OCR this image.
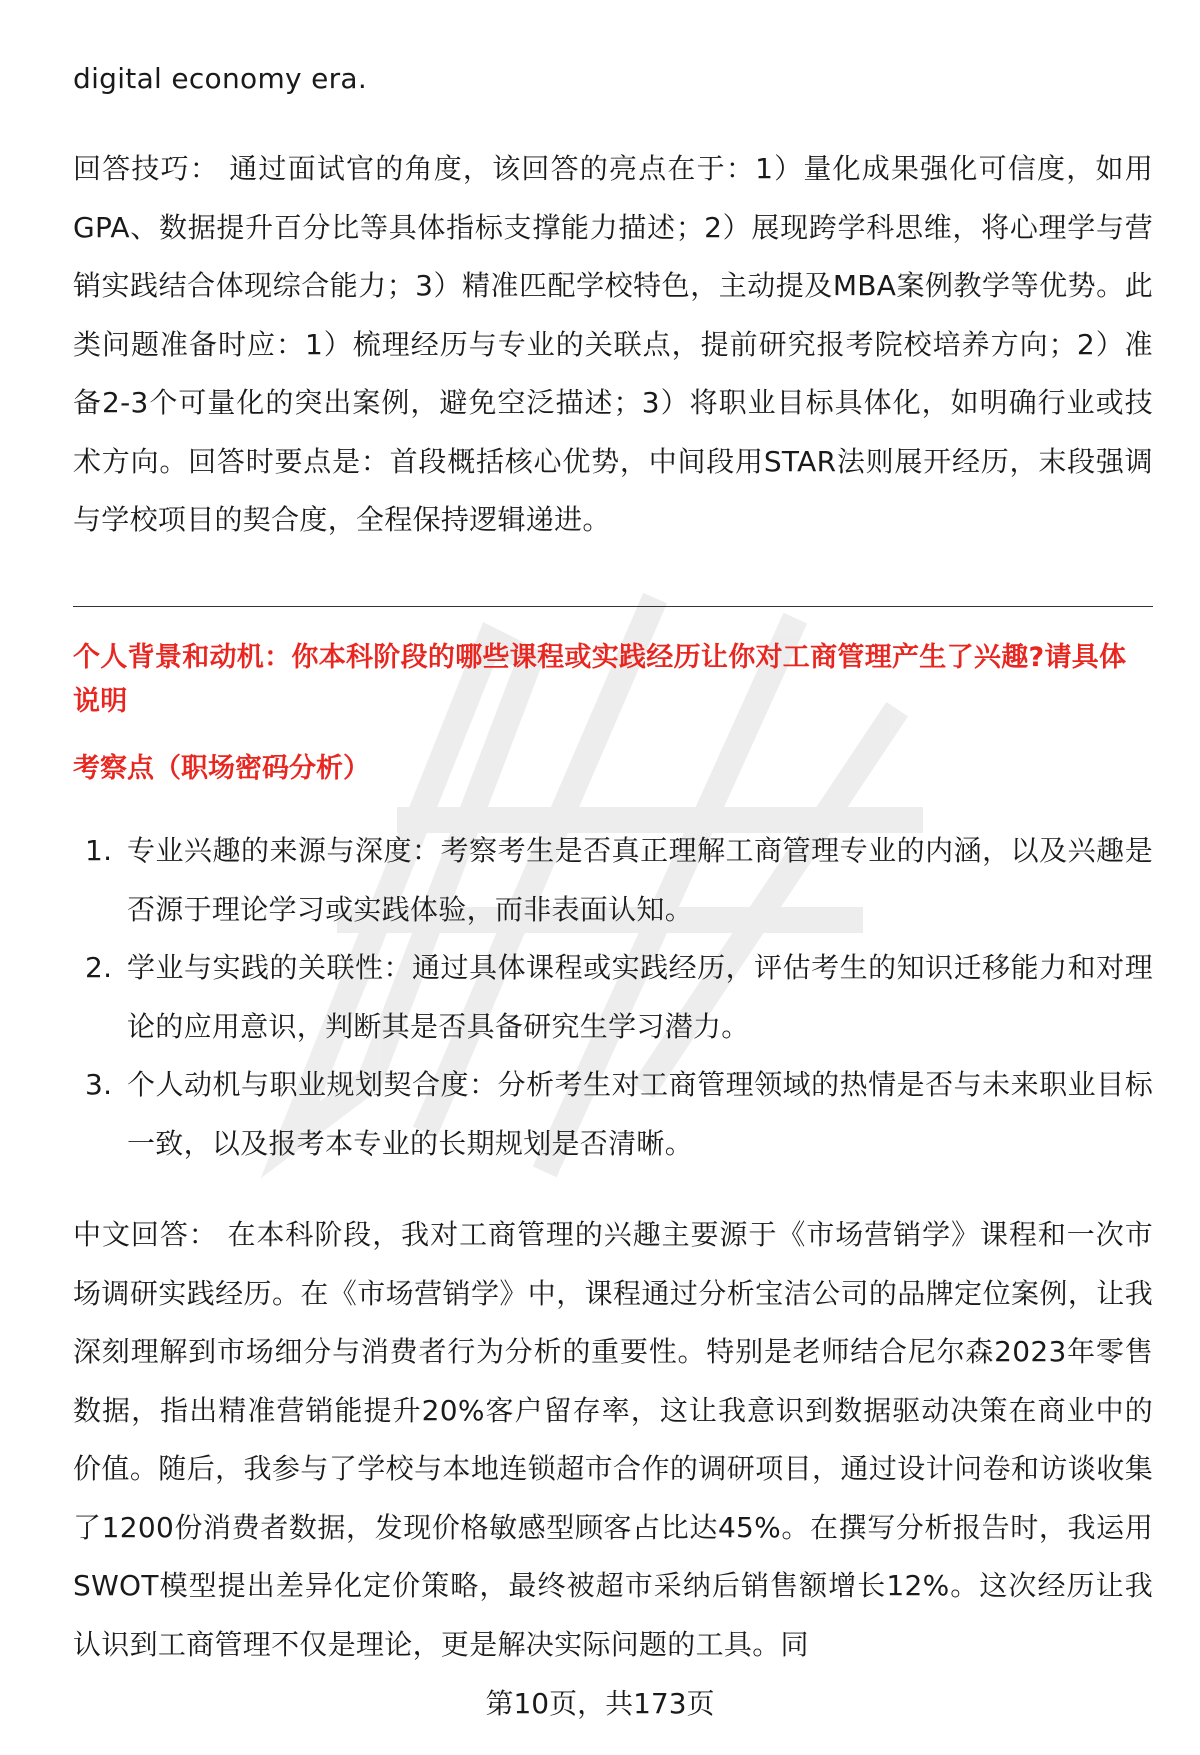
digital economy era.

回答技巧： 通过面试官的角度，该回答的亮点在于：1）量化成果强化可信度，如用GPA、数据提升百分比等具体指标支撑能力描述；2）展现跨学科思维，将心理学与营销实践结合体现综合能力；3）精准匹配学校特色，主动提及MBA案例教学等优势。此类问题准备时应：1）梳理经历与专业的关联点，提前研究报考院校培养方向；2）准备2-3个可量化的突出案例，避免空泛描述；3）将职业目标具体化，如明确行业或技术方向。回答时要点是：首段概括核心优势，中间段用STAR法则展开经历，末段强调与学校项目的契合度，全程保持逻辑递进。

个人背景和动机：你本科阶段的哪些课程或实践经历让你对工商管理产生了兴趣?请具体说明

考察点（职场密码分析）

1. 专业兴趣的来源与深度：考察考生是否真正理解工商管理专业的内涵，以及兴趣是否源于理论学习或实践体验，而非表面认知。
2. 学业与实践的关联性：通过具体课程或实践经历，评估考生的知识迁移能力和对理论的应用意识，判断其是否具备研究生学习潜力。
3. 个人动机与职业规划契合度：分析考生对工商管理领域的热情是否与未来职业目标一致，以及报考本专业的长期规划是否清晰。

中文回答： 在本科阶段，我对工商管理的兴趣主要源于《市场营销学》课程和一次市场调研实践经历。在《市场营销学》中，课程通过分析宝洁公司的品牌定位案例，让我深刻理解到市场细分与消费者行为分析的重要性。特别是老师结合尼尔森2023年零售数据，指出精准营销能提升20%客户留存率，这让我意识到数据驱动决策在商业中的价值。随后，我参与了学校与本地连锁超市合作的调研项目，通过设计问卷和访谈收集了1200份消费者数据，发现价格敏感型顾客占比达45%。在撰写分析报告时，我运用SWOT模型提出差异化定价策略，最终被超市采纳后销售额增长12%。这次经历让我认识到工商管理不仅是理论，更是解决实际问题的工具。同

第10页，共173页
